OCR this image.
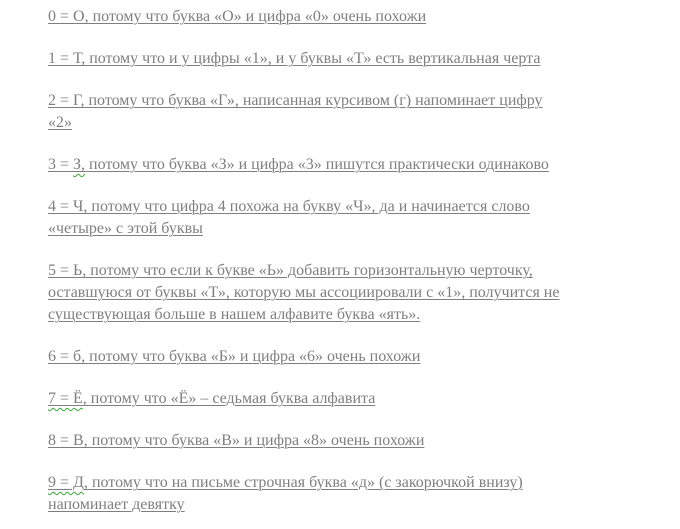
0 = О, потому что буква «О» и цифра «0» очень похожи
1 = Т, потому что и у цифры «1», и у буквы «Т» есть вертикальная черта
2 = Г, потому что буква «Г», написанная курсивом (г) напоминает цифру
«2»
3 = З, потому что буква «З» и цифра «3» пишутся практически одинаково
4 = Ч, потому что цифра 4 похожа на букву «Ч», да и начинается слово
«четыре» с этой буквы
5 = Ь, потому что если к букве «Ь» добавить горизонтальную черточку,
оставшуюся от буквы «Т», которую мы ассоциировали с «1», получится не
существующая больше в нашем алфавите буква «ять».
6 = б, потому что буква «Б» и цифра «6» очень похожи
7 = Ё, потому что «Ё» – седьмая буква алфавита
8 = В, потому что буква «В» и цифра «8» очень похожи
9 = Д, потому что на письме строчная буква «д» (с закорючкой внизу)
напоминает девятку
